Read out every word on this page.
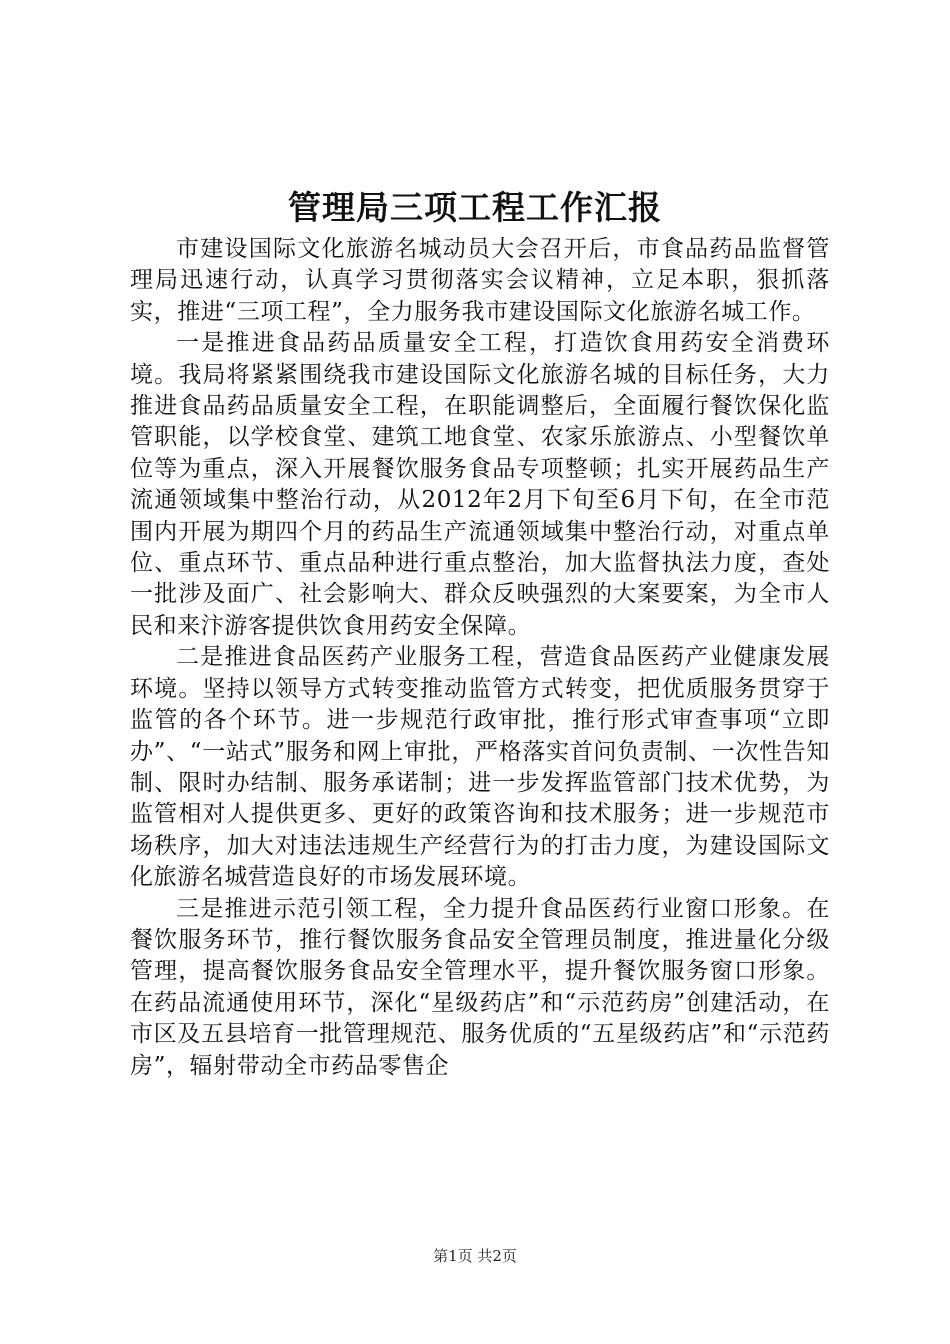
管理局三项工程工作汇报

市建设国际文化旅游名城动员大会召开后，市食品药品监督管理局迅速行动，认真学习贯彻落实会议精神，立足本职，狠抓落实，推进“三项工程”，全力服务我市建设国际文化旅游名城工作。

一是推进食品药品质量安全工程，打造饮食用药安全消费环境。我局将紧紧围绕我市建设国际文化旅游名城的目标任务，大力推进食品药品质量安全工程，在职能调整后，全面履行餐饮保化监管职能，以学校食堂、建筑工地食堂、农家乐旅游点、小型餐饮单位等为重点，深入开展餐饮服务食品专项整顿；扎实开展药品生产流通领域集中整治行动，从2012年2月下旬至6月下旬，在全市范围内开展为期四个月的药品生产流通领域集中整治行动，对重点单位、重点环节、重点品种进行重点整治，加大监督执法力度，查处一批涉及面广、社会影响大、群众反映强烈的大案要案，为全市人民和来汴游客提供饮食用药安全保障。

二是推进食品医药产业服务工程，营造食品医药产业健康发展环境。坚持以领导方式转变推动监管方式转变，把优质服务贯穿于监管的各个环节。进一步规范行政审批，推行形式审查事项“立即办”、“一站式”服务和网上审批，严格落实首问负责制、一次性告知制、限时办结制、服务承诺制；进一步发挥监管部门技术优势，为监管相对人提供更多、更好的政策咨询和技术服务；进一步规范市场秩序，加大对违法违规生产经营行为的打击力度，为建设国际文化旅游名城营造良好的市场发展环境。

三是推进示范引领工程，全力提升食品医药行业窗口形象。在餐饮服务环节，推行餐饮服务食品安全管理员制度，推进量化分级管理，提高餐饮服务食品安全管理水平，提升餐饮服务窗口形象。在药品流通使用环节，深化“星级药店”和“示范药房”创建活动，在市区及五县培育一批管理规范、服务优质的“五星级药店”和“示范药房”，辐射带动全市药品零售企

第1页 共2页
